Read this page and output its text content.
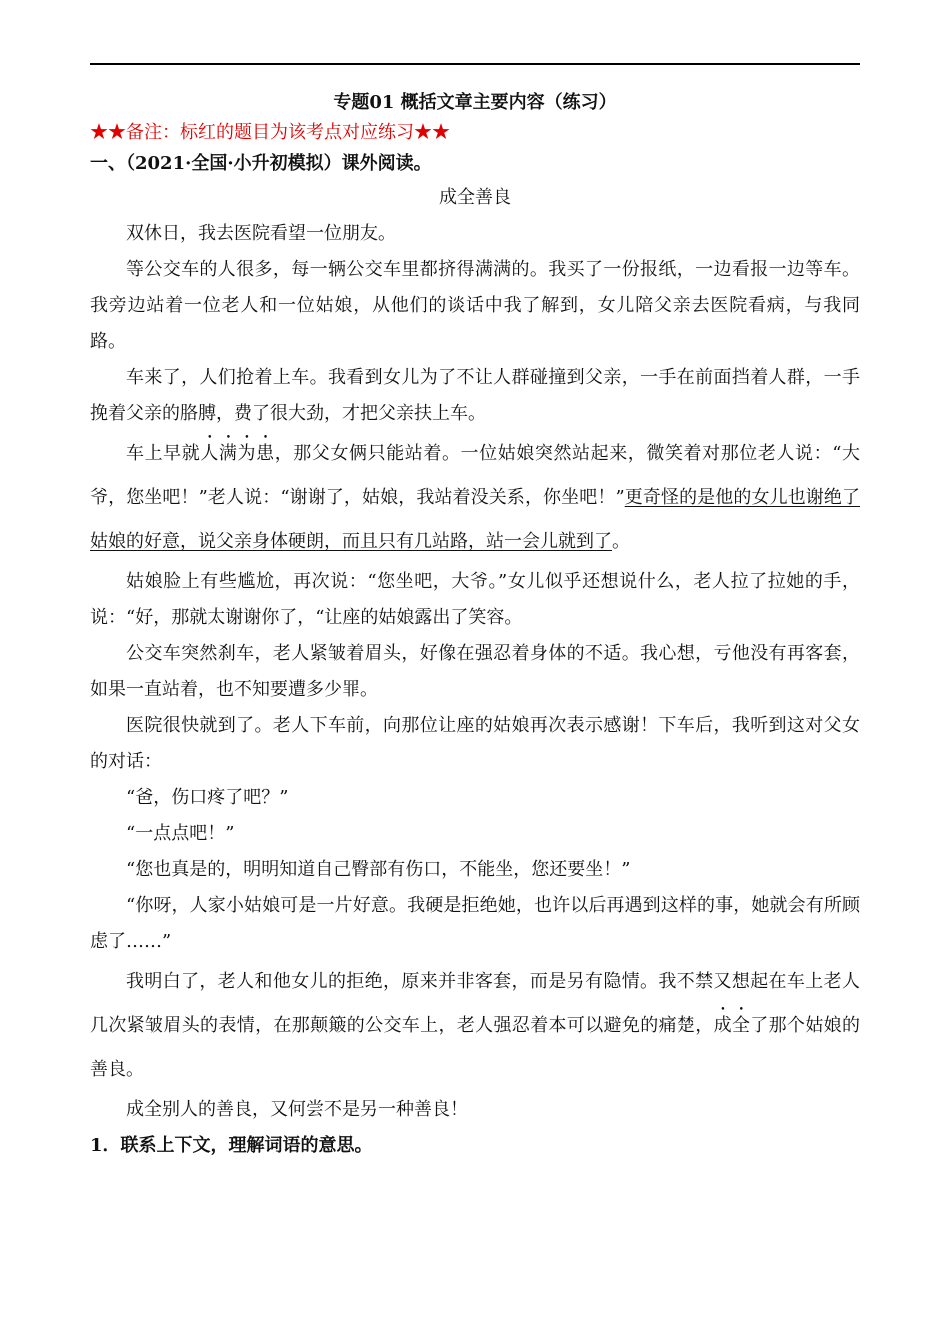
专题01 概括文章主要内容（练习）

★★备注：标红的题目为该考点对应练习★★

一、（2021·全国·小升初模拟）课外阅读。

成全善良

双休日，我去医院看望一位朋友。

等公交车的人很多，每一辆公交车里都挤得满满的。我买了一份报纸，一边看报一边等车。我旁边站着一位老人和一位姑娘，从他们的谈话中我了解到，女儿陪父亲去医院看病，与我同路。

车来了，人们抢着上车。我看到女儿为了不让人群碰撞到父亲，一手在前面挡着人群，一手挽着父亲的胳膊，费了很大劲，才把父亲扶上车。

车上早就人满为患，那父女俩只能站着。一位姑娘突然站起来，微笑着对那位老人说：“大爷，您坐吧！”老人说：“谢谢了，姑娘，我站着没关系，你坐吧！”更奇怪的是他的女儿也谢绝了姑娘的好意，说父亲身体硬朗，而且只有几站路，站一会儿就到了。

姑娘脸上有些尴尬，再次说：“您坐吧，大爷。”女儿似乎还想说什么，老人拉了拉她的手，说：“好，那就太谢谢你了，“让座的姑娘露出了笑容。

公交车突然刹车，老人紧皱着眉头，好像在强忍着身体的不适。我心想，亏他没有再客套，如果一直站着，也不知要遭多少罪。

医院很快就到了。老人下车前，向那位让座的姑娘再次表示感谢！下车后，我听到这对父女的对话：

“爸，伤口疼了吧？”

“一点点吧！”

“您也真是的，明明知道自己臀部有伤口，不能坐，您还要坐！”

“你呀，人家小姑娘可是一片好意。我硬是拒绝她，也许以后再遇到这样的事，她就会有所顾虑了……”

我明白了，老人和他女儿的拒绝，原来并非客套，而是另有隐情。我不禁又想起在车上老人几次紧皱眉头的表情，在那颠簸的公交车上，老人强忍着本可以避免的痛楚，成全了那个姑娘的善良。

成全别人的善良，又何尝不是另一种善良！

1．联系上下文，理解词语的意思。
